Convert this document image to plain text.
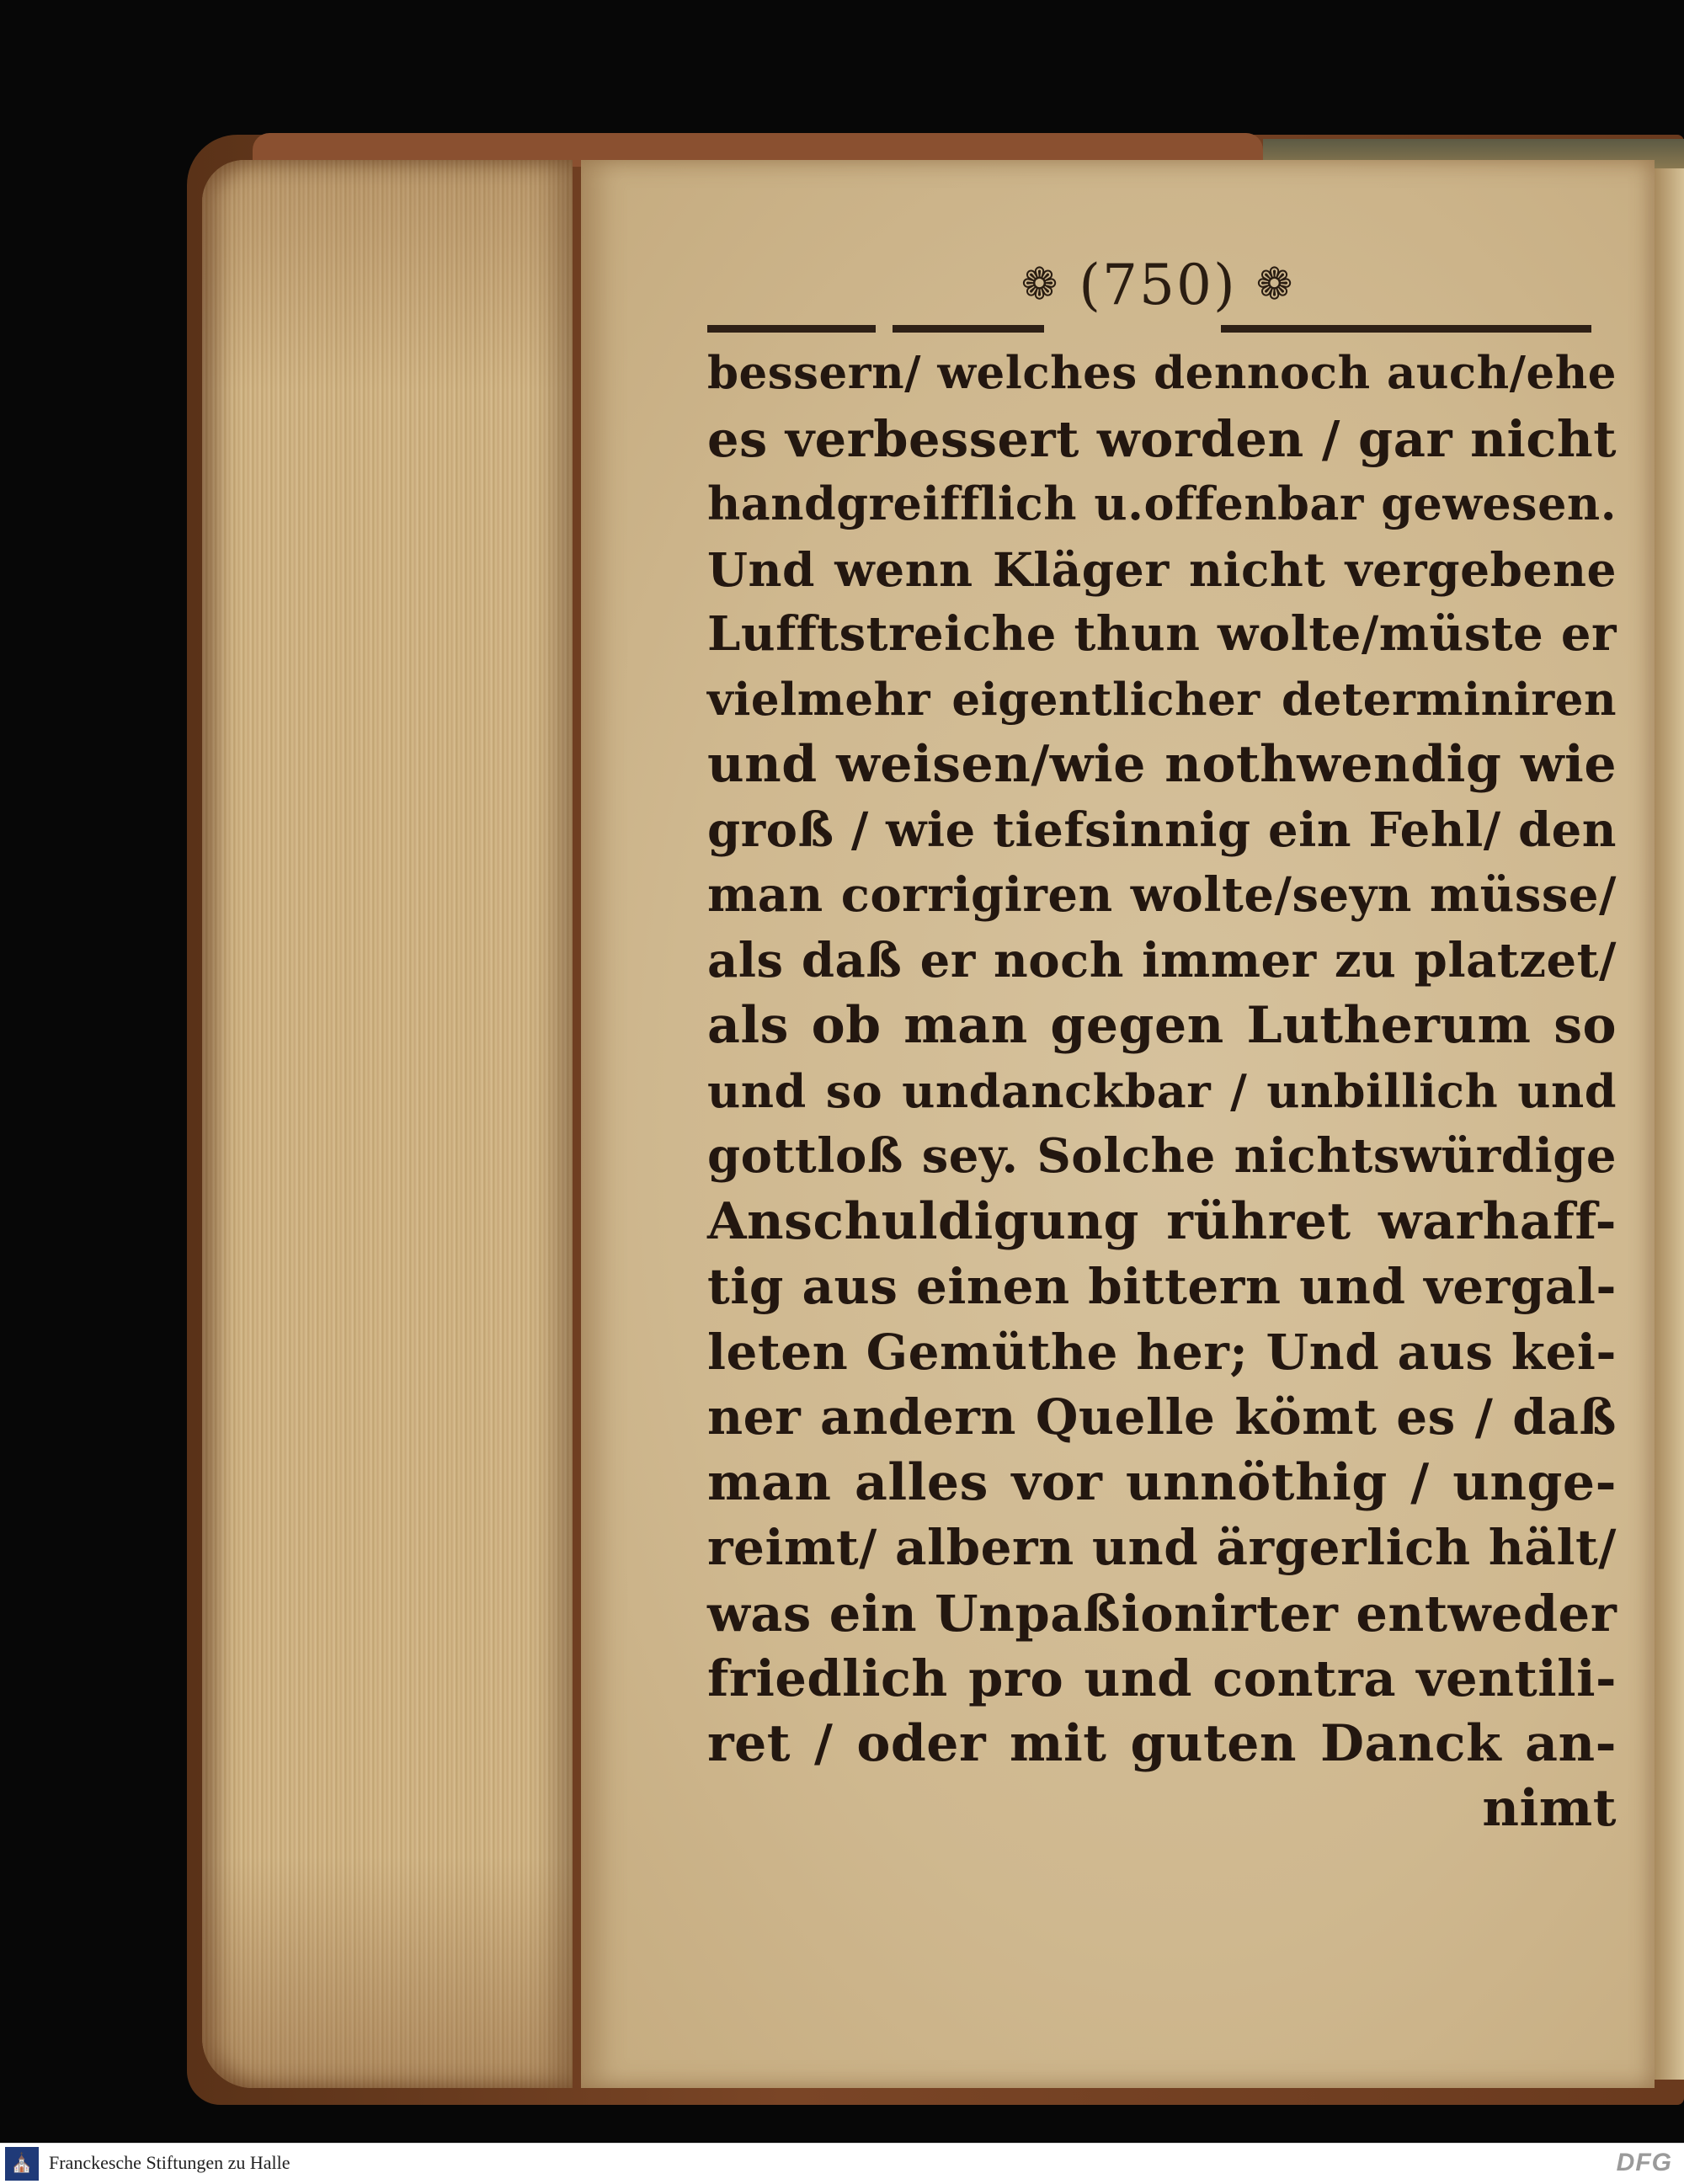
❁ (750) ❁
bessern/ welches dennoch auch/ehe
es verbessert worden / gar nicht
handgreifflich u.offenbar gewesen.
Und wenn Kläger nicht vergebene
Lufftstreiche thun wolte/müste er
vielmehr eigentlicher determiniren
und weisen/wie nothwendig wie
groß / wie tiefsinnig ein Fehl/ den
man corrigiren wolte/seyn müsse/
als daß er noch immer zu platzet/
als ob man gegen Lutherum so
und so undanckbar / unbillich und
gottloß sey. Solche nichtswürdige
Anschuldigung rühret warhaff-
tig aus einen bittern und vergal-
leten Gemüthe her; Und aus kei-
ner andern Quelle kömt es / daß
man alles vor unnöthig / unge-
reimt/ albern und ärgerlich hält/
was ein Unpaßionirter entweder
friedlich pro und contra ventili-
ret / oder mit guten Danck an-
nimt
⛪ Franckesche Stiftungen zu Halle	DFG
